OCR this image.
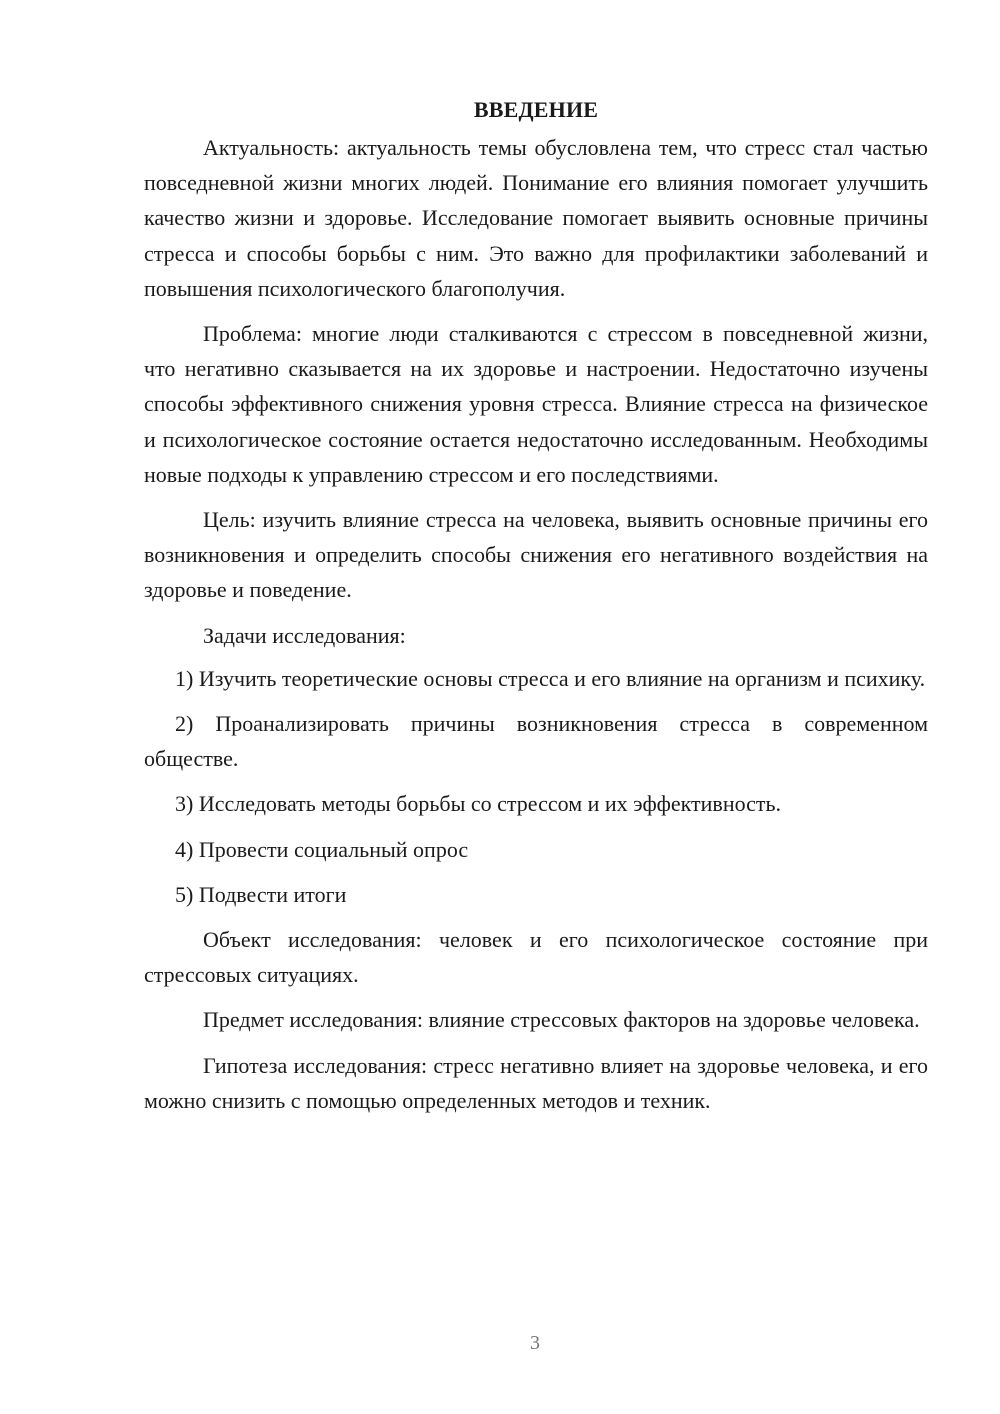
ВВЕДЕНИЕ

Актуальность: актуальность темы обусловлена тем, что стресс стал частью повседневной жизни многих людей. Понимание его влияния помогает улучшить качество жизни и здоровье. Исследование помогает выявить основные причины стресса и способы борьбы с ним. Это важно для профилактики заболеваний и повышения психологического благополучия.

Проблема: многие люди сталкиваются с стрессом в повседневной жизни, что негативно сказывается на их здоровье и настроении. Недостаточно изучены способы эффективного снижения уровня стресса. Влияние стресса на физическое и психологическое состояние остается недостаточно исследованным. Необходимы новые подходы к управлению стрессом и его последствиями.

Цель: изучить влияние стресса на человека, выявить основные причины его возникновения и определить способы снижения его негативного воздействия на здоровье и поведение.

Задачи исследования:

1) Изучить теоретические основы стресса и его влияние на организм и психику.

2) Проанализировать причины возникновения стресса в современном обществе.

3) Исследовать методы борьбы со стрессом и их эффективность.

4) Провести социальный опрос

5) Подвести итоги

Объект исследования: человек и его психологическое состояние при стрессовых ситуациях.

Предмет исследования: влияние стрессовых факторов на здоровье человека.

Гипотеза исследования: стресс негативно влияет на здоровье человека, и его можно снизить с помощью определенных методов и техник.

3
